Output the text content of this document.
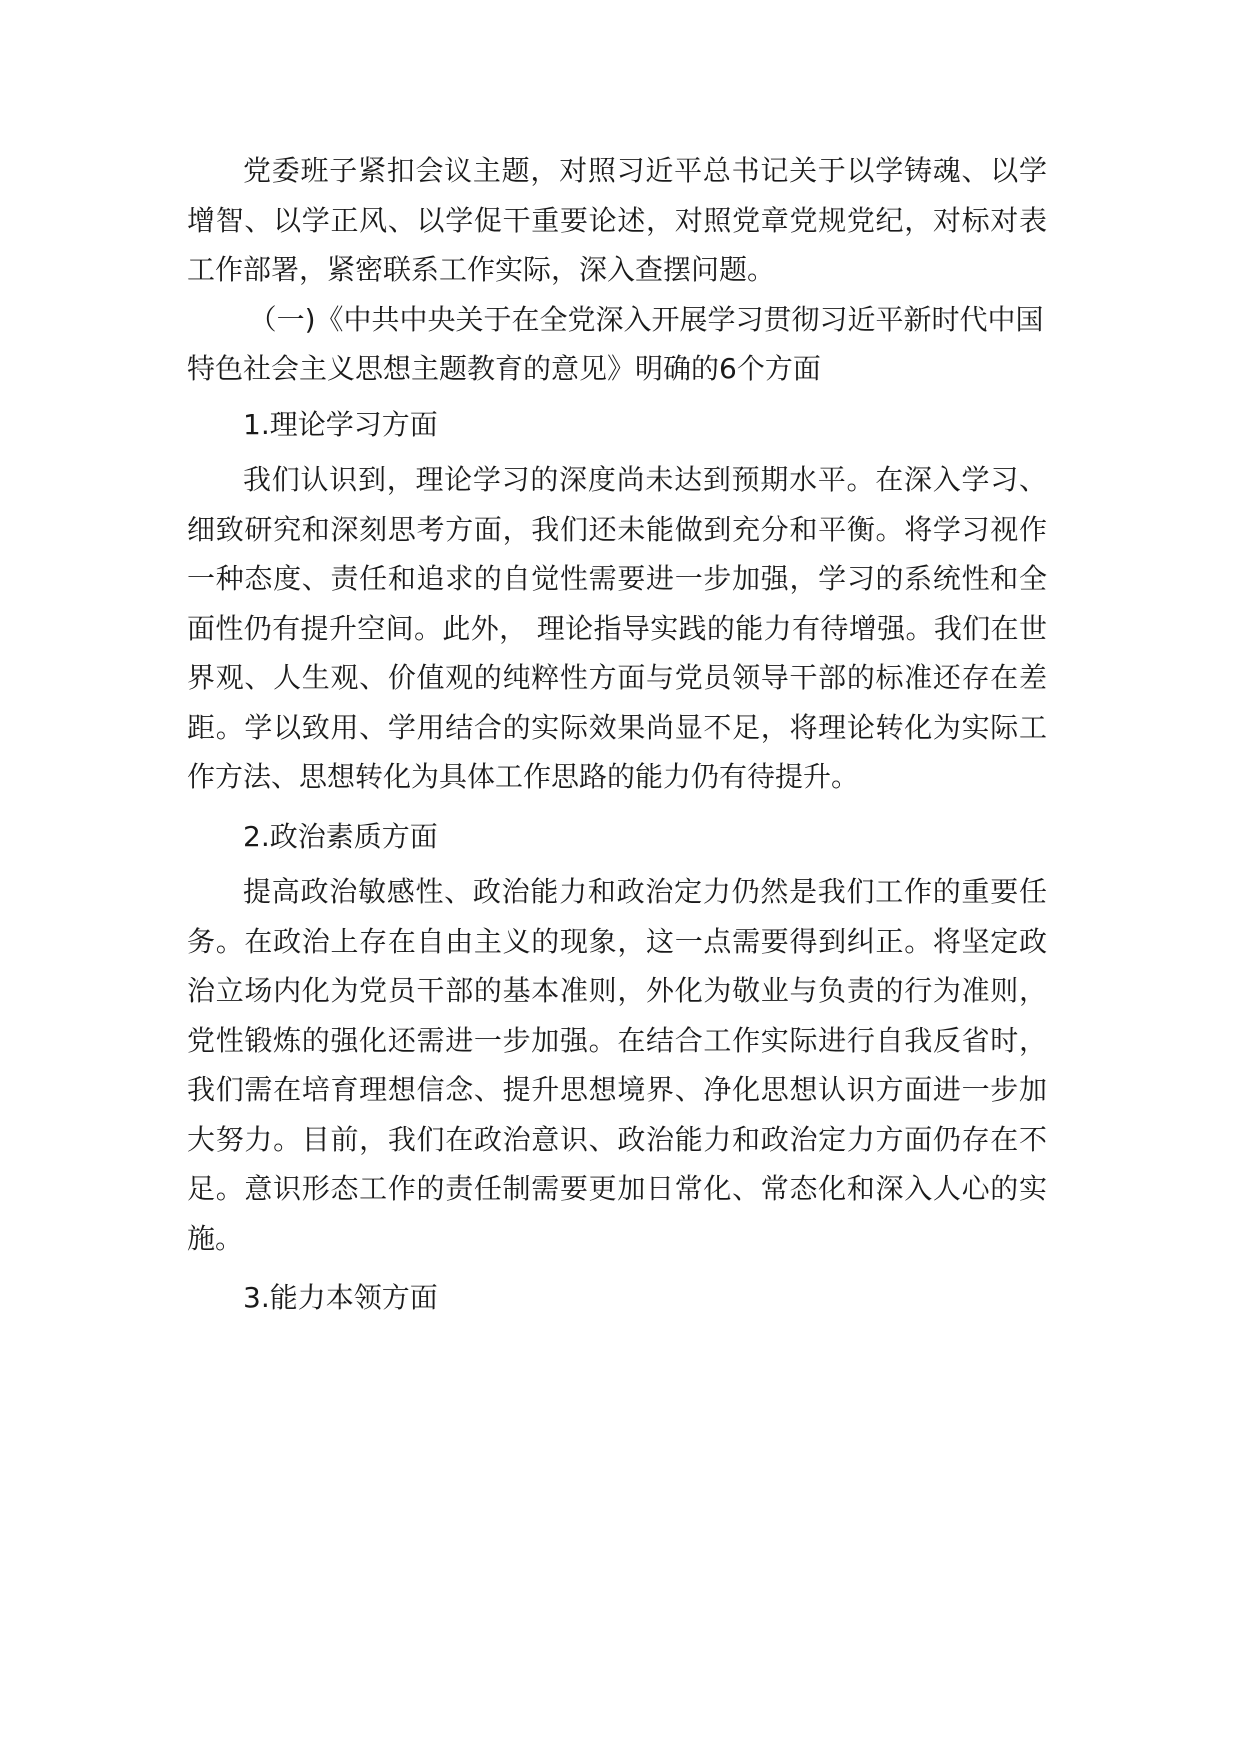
党委班子紧扣会议主题，对照习近平总书记关于以学铸魂、以学增智、以学正风、以学促干重要论述，对照党章党规党纪，对标对表工作部署，紧密联系工作实际，深入查摆问题。

（一)《中共中央关于在全党深入开展学习贯彻习近平新时代中国特色社会主义思想主题教育的意见》明确的6个方面

1.理论学习方面

我们认识到，理论学习的深度尚未达到预期水平。在深入学习、细致研究和深刻思考方面，我们还未能做到充分和平衡。将学习视作一种态度、责任和追求的自觉性需要进一步加强，学习的系统性和全面性仍有提升空间。此外， 理论指导实践的能力有待增强。我们在世界观、人生观、价值观的纯粹性方面与党员领导干部的标准还存在差距。学以致用、学用结合的实际效果尚显不足，将理论转化为实际工作方法、思想转化为具体工作思路的能力仍有待提升。

2.政治素质方面

提高政治敏感性、政治能力和政治定力仍然是我们工作的重要任务。在政治上存在自由主义的现象，这一点需要得到纠正。将坚定政治立场内化为党员干部的基本准则，外化为敬业与负责的行为准则，党性锻炼的强化还需进一步加强。在结合工作实际进行自我反省时，我们需在培育理想信念、提升思想境界、净化思想认识方面进一步加大努力。目前，我们在政治意识、政治能力和政治定力方面仍存在不足。意识形态工作的责任制需要更加日常化、常态化和深入人心的实施。

3.能力本领方面
